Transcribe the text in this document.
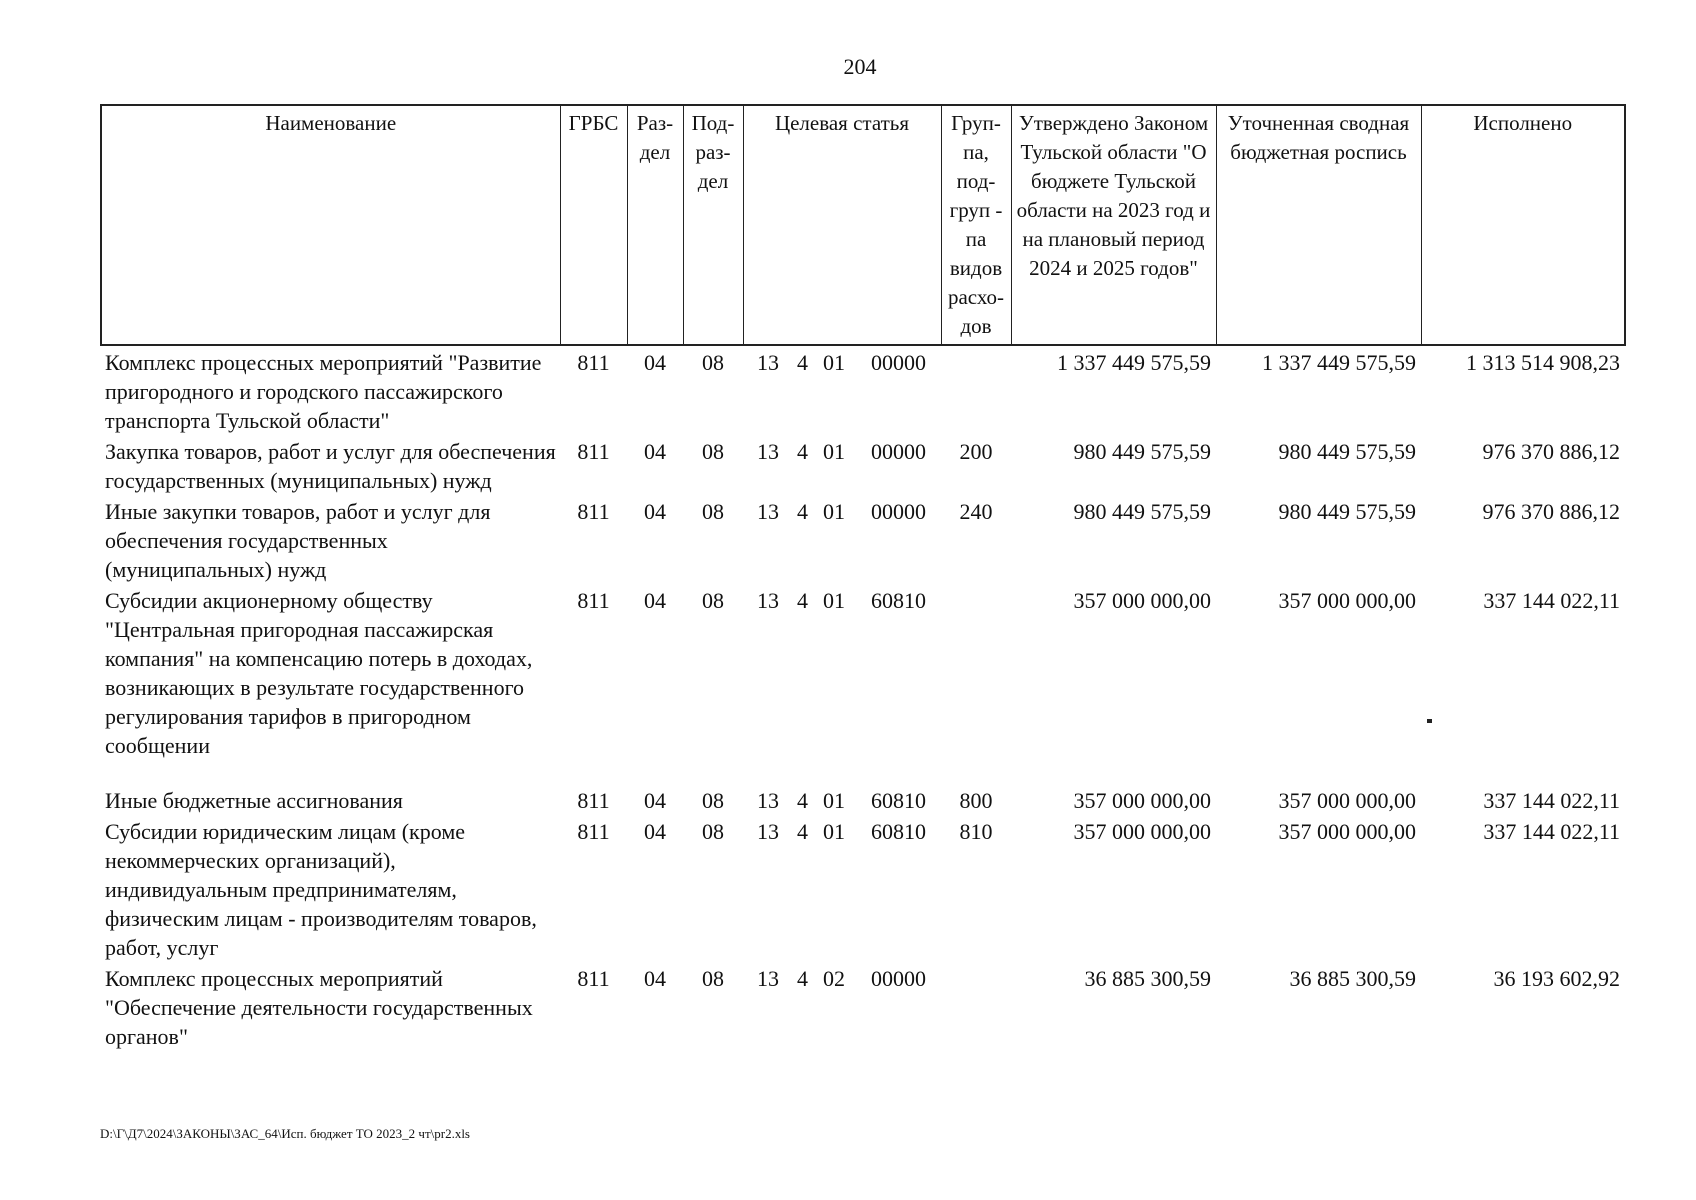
204
Наименование	ГРБС	Раз-дел	Под-раз-дел	Целевая статья	Груп-па, под-груп - па видов расхо-дов	Утверждено Законом Тульской области "О бюджете Тульской области на 2023 год и на плановый период 2024 и 2025 годов"	Уточненная сводная бюджетная роспись	Исполнено
Комплекс процессных мероприятий "Развитие пригородного и городского пассажирского транспорта Тульской области"	811	04	08	13 4 01 00000		1 337 449 575,59	1 337 449 575,59	1 313 514 908,23
Закупка товаров, работ и услуг для обеспечения государственных (муниципальных) нужд	811	04	08	13 4 01 00000	200	980 449 575,59	980 449 575,59	976 370 886,12
Иные закупки товаров, работ и услуг для обеспечения государственных (муниципальных) нужд	811	04	08	13 4 01 00000	240	980 449 575,59	980 449 575,59	976 370 886,12
Субсидии акционерному обществу "Центральная пригородная пассажирская компания" на компенсацию потерь в доходах, возникающих в результате государственного регулирования тарифов в пригородном сообщении	811	04	08	13 4 01 60810		357 000 000,00	357 000 000,00	337 144 022,11

Иные бюджетные ассигнования	811	04	08	13 4 01 60810	800	357 000 000,00	357 000 000,00	337 144 022,11
Субсидии юридическим лицам (кроме некоммерческих организаций), индивидуальным предпринимателям, физическим лицам - производителям товаров, работ, услуг	811	04	08	13 4 01 60810	810	357 000 000,00	357 000 000,00	337 144 022,11
Комплекс процессных мероприятий "Обеспечение деятельности государственных органов"	811	04	08	13 4 02 00000		36 885 300,59	36 885 300,59	36 193 602,92
D:\Г\Д7\2024\ЗАКОНЫ\ЗАС_64\Исп. бюджет ТО 2023_2 чт\pr2.xls
